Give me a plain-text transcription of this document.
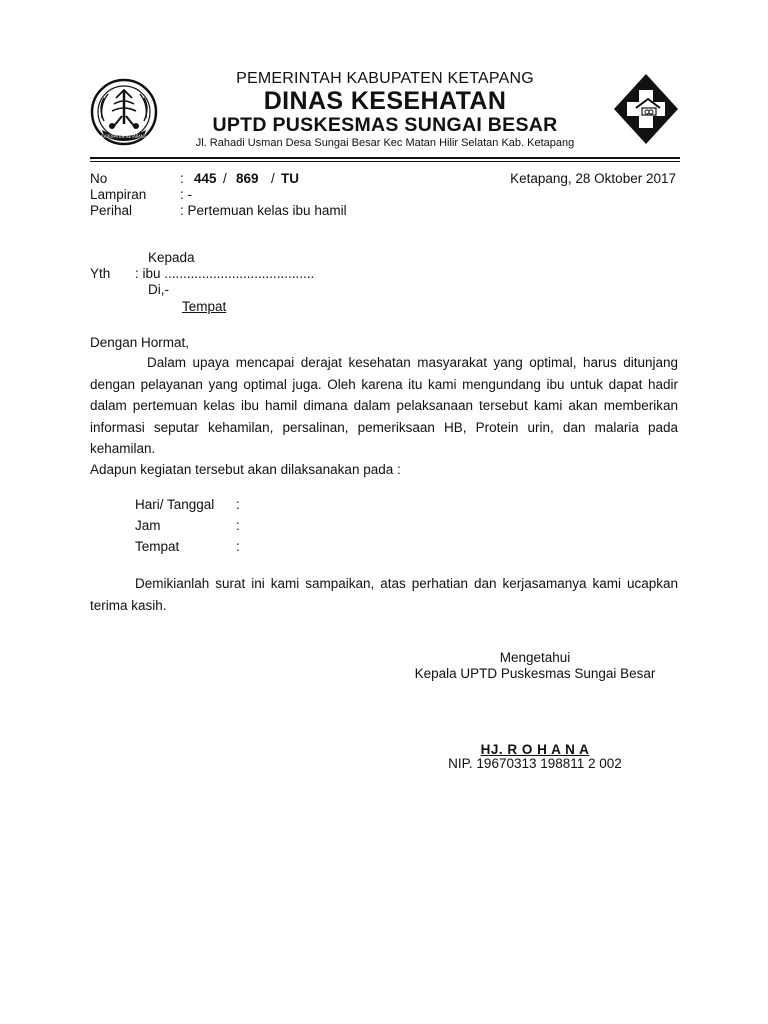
KABUPATEN KETAPANG
PEMERINTAH KABUPATEN KETAPANG
DINAS KESEHATAN
UPTD PUSKESMAS SUNGAI BESAR
Jl. Rahadi Usman Desa Sungai Besar Kec Matan Hilir Selatan Kab. Ketapang
No	: 445 / 869 / TU	Ketapang, 28 Oktober 2017
Lampiran : -
Perihal	: Pertemuan kelas ibu hamil
Kepada
Yth : ibu ........................................
Di,-
Tempat
Dengan Hormat,
Dalam upaya mencapai derajat kesehatan masyarakat yang optimal, harus ditunjang dengan pelayanan yang optimal juga. Oleh karena itu kami mengundang ibu untuk dapat hadir dalam pertemuan kelas ibu hamil dimana dalam pelaksanaan tersebut kami akan memberikan informasi seputar kehamilan, persalinan, pemeriksaan HB, Protein urin, dan malaria pada kehamilan.
Adapun kegiatan tersebut akan dilaksanakan pada :
Hari/ Tanggal :
Jam	:
Tempat	:
Demikianlah surat ini kami sampaikan, atas perhatian dan kerjasamanya kami ucapkan terima kasih.
Mengetahui
Kepala UPTD Puskesmas Sungai Besar
HJ. R O H A N A
NIP. 19670313 198811 2 002
